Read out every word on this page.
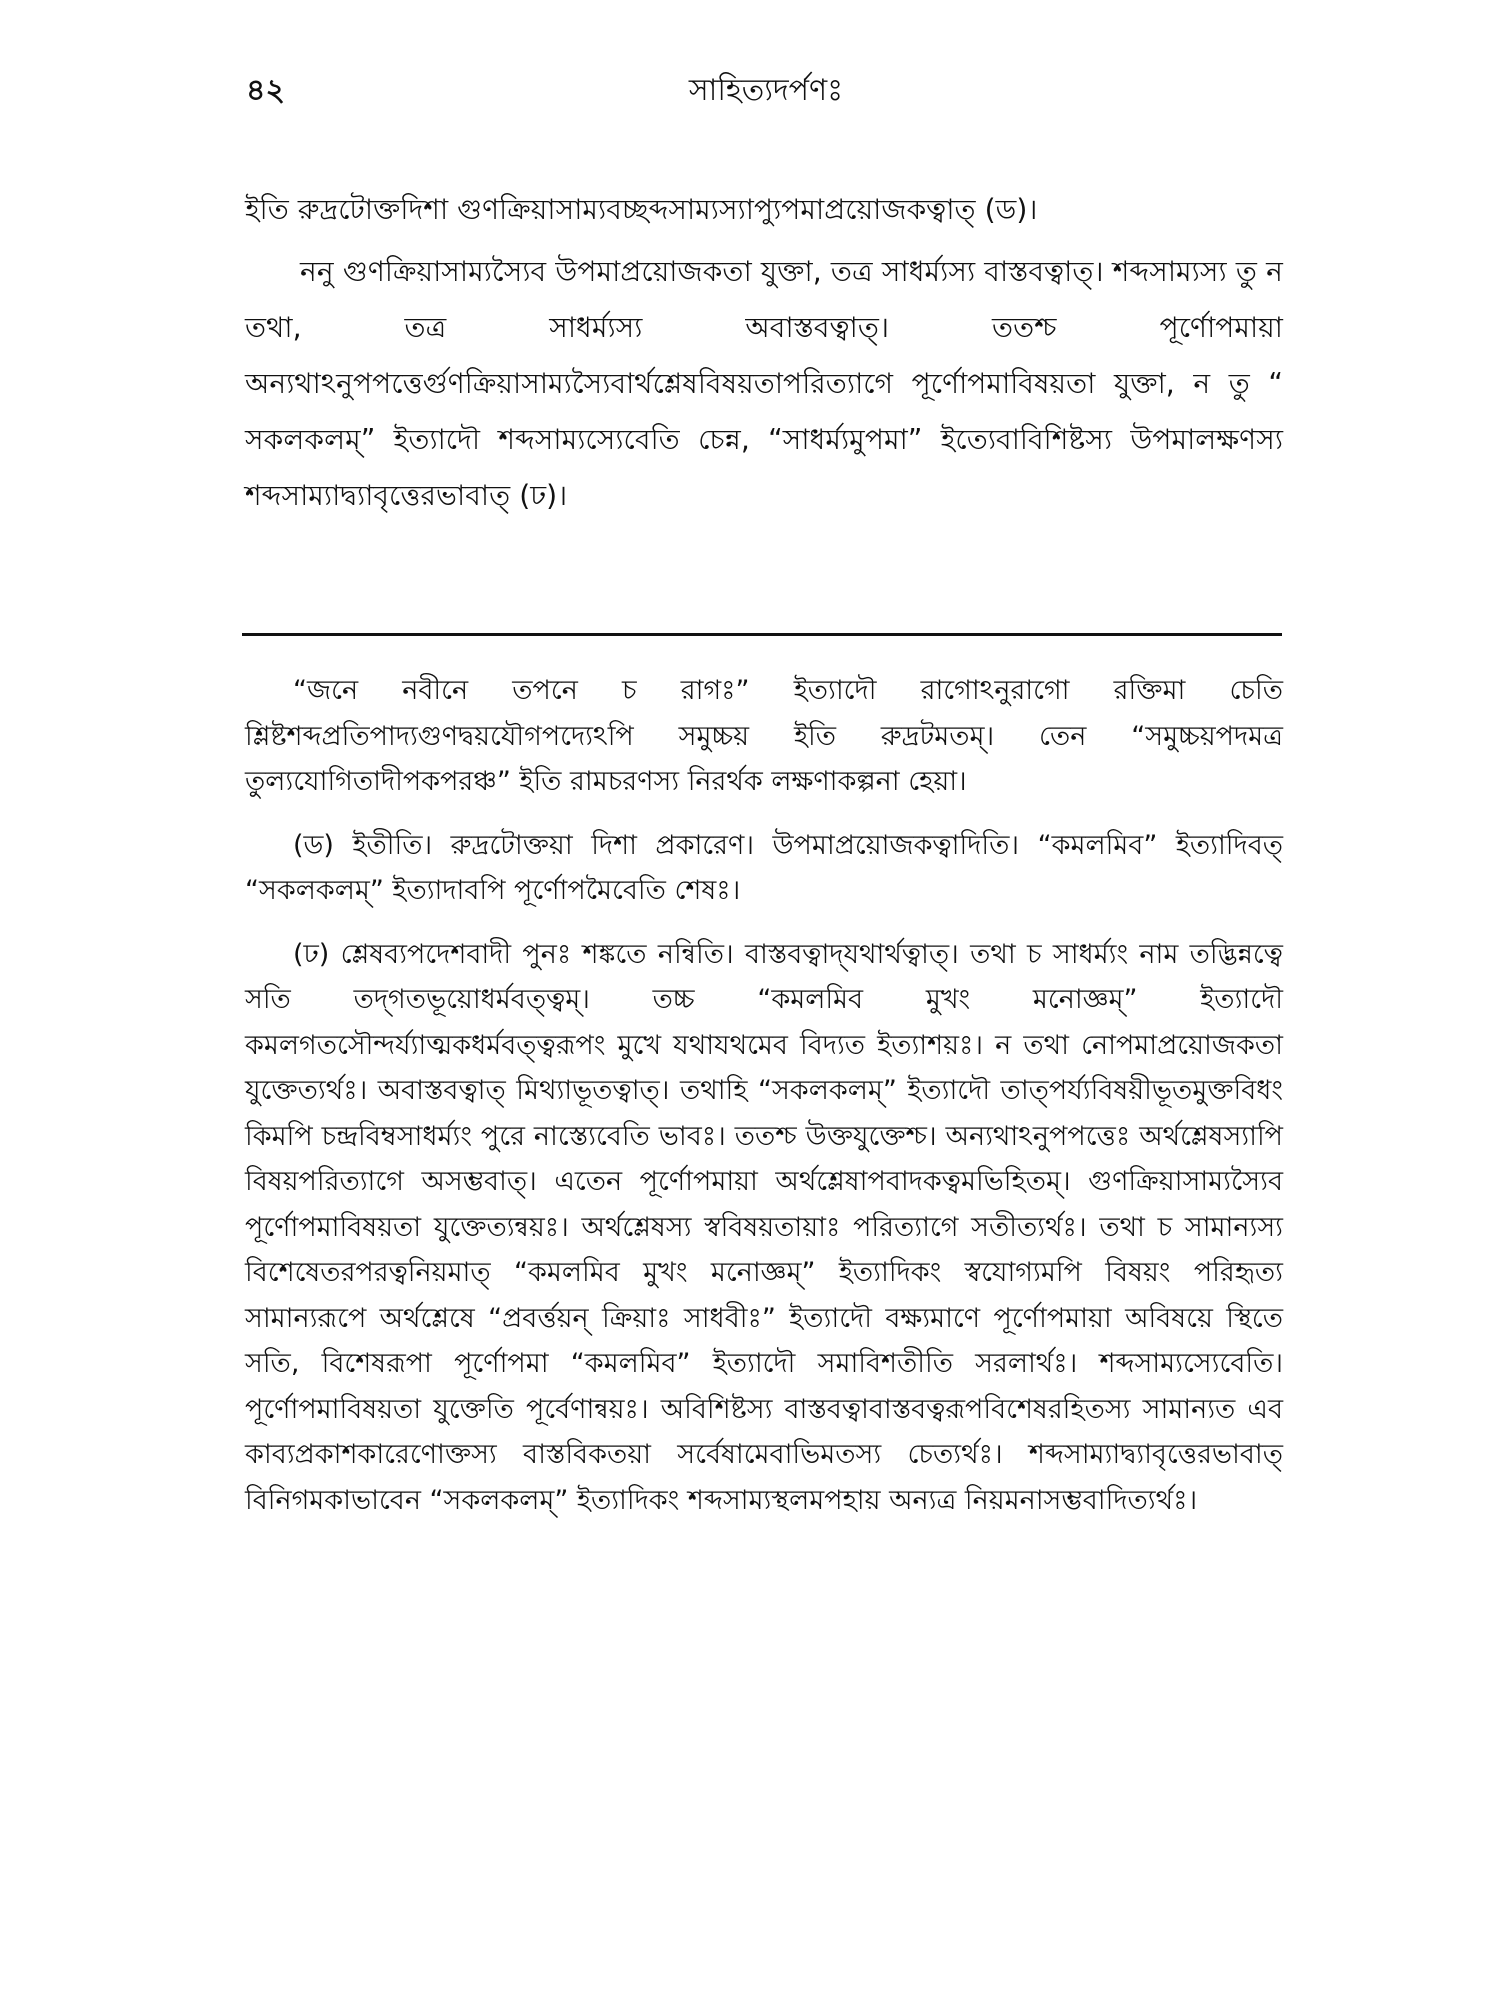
৪২	সাহিত্যদর্পণঃ

ইতি রুদ্রটোক্তদিশা গুণক্রিয়াসাম্যবচ্ছব্দসাম্যস্যাপ্যুপমাপ্রয়োজকত্বাত্ (ড)।

ননু গুণক্রিয়াসাম্যস্যৈব উপমাপ্রয়োজকতা যুক্তা, তত্র সাধর্ম্যস্য বাস্তবত্বাত্। শব্দসাম্যস্য তু ন তথা, তত্র সাধর্ম্যস্য অবাস্তবত্বাত্। ততশ্চ পূর্ণোপমায়া অন্যথাঽনুপপত্তের্গুণক্রিয়াসাম্যস্যৈবার্থশ্লেষবিষয়তাপরিত্যাগে পূর্ণোপমাবিষয়তা যুক্তা, ন তু “ সকলকলম্” ইত্যাদৌ শব্দসাম্যস্যেবেতি চেন্ন, “সাধর্ম্যমুপমা” ইত্যেবাবিশিষ্টস্য উপমালক্ষণস্য শব্দসাম্যাদ্ব্যাবৃত্তেরভাবাত্ (ঢ)।

“জনে নবীনে তপনে চ রাগঃ” ইত্যাদৌ রাগোঽনুরাগো রক্তিমা চেতি শ্লিষ্টশব্দপ্রতিপাদ্যগুণদ্বয়যৌগপদ্যেঽপি সমুচ্চয় ইতি রুদ্রটমতম্। তেন “সমুচ্চয়পদমত্র তুল্যযোগিতাদীপকপরঞ্চ” ইতি রামচরণস্য নিরর্থক লক্ষণাকল্পনা হেয়া।

(ড) ইতীতি। রুদ্রটোক্তয়া দিশা প্রকারেণ। উপমাপ্রয়োজকত্বাদিতি। “কমলমিব” ইত্যাদিবত্ “সকলকলম্” ইত্যাদাবপি পূর্ণোপমৈবেতি শেষঃ।

(ঢ) শ্লেষব্যপদেশবাদী পুনঃ শঙ্কতে নন্বিতি। বাস্তবত্বাদ্‌যথার্থত্বাত্। তথা চ সাধর্ম্যং নাম তদ্ভিন্নত্বে সতি তদ্‌গতভূয়োধর্মবত্ত্বম্। তচ্চ “কমলমিব মুখং মনোজ্ঞম্” ইত্যাদৌ কমলগতসৌন্দর্য্যাত্মকধর্মবত্ত্বরূপং মুখে যথাযথমেব বিদ্যত ইত্যাশয়ঃ। ন তথা নোপমাপ্রয়োজকতা যুক্তেত্যর্থঃ। অবাস্তবত্বাত্ মিথ্যাভূতত্বাত্। তথাহি “সকলকলম্” ইত্যাদৌ তাত্পর্য্যবিষয়ীভূতমুক্তবিধং কিমপি চন্দ্রবিম্বসাধর্ম্যং পুরে নাস্ত্যেবেতি ভাবঃ। ততশ্চ উক্তযুক্তেশ্চ। অন্যথাঽনুপপত্তেঃ অর্থশ্লেষস্যাপি বিষয়পরিত্যাগে অসম্ভবাত্। এতেন পূর্ণোপমায়া অর্থশ্লেষাপবাদকত্বমভিহিতম্। গুণক্রিয়াসাম্যস্যৈব পূর্ণোপমাবিষয়তা যুক্তেত্যন্বয়ঃ। অর্থশ্লেষস্য স্ববিষয়তায়াঃ পরিত্যাগে সতীত্যর্থঃ। তথা চ সামান্যস্য বিশেষেতরপরত্বনিয়মাত্ “কমলমিব মুখং মনোজ্ঞম্” ইত্যাদিকং স্বযোগ্যমপি বিষয়ং পরিহৃত্য সামান্যরূপে অর্থশ্লেষে “প্রবর্ত্তয়ন্ ক্রিয়াঃ সাধবীঃ” ইত্যাদৌ বক্ষ্যমাণে পূর্ণোপমায়া অবিষয়ে স্থিতে সতি, বিশেষরূপা পূর্ণোপমা “কমলমিব” ইত্যাদৌ সমাবিশতীতি সরলার্থঃ। শব্দসাম্যস্যেবেতি। পূর্ণোপমাবিষয়তা যুক্তেতি পূর্বেণান্বয়ঃ। অবিশিষ্টস্য বাস্তবত্বাবাস্তবত্বরূপবিশেষরহিতস্য সামান্যত এব কাব্যপ্রকাশকারেণোক্তস্য বাস্তবিকতয়া সর্বেষামেবাভিমতস্য চেত্যর্থঃ। শব্দসাম্যাদ্ব্যাবৃত্তেরভাবাত্ বিনিগমকাভাবেন “সকলকলম্” ইত্যাদিকং শব্দসাম্যস্থলমপহায় অন্যত্র নিয়মনাসম্ভবাদিত্যর্থঃ।
